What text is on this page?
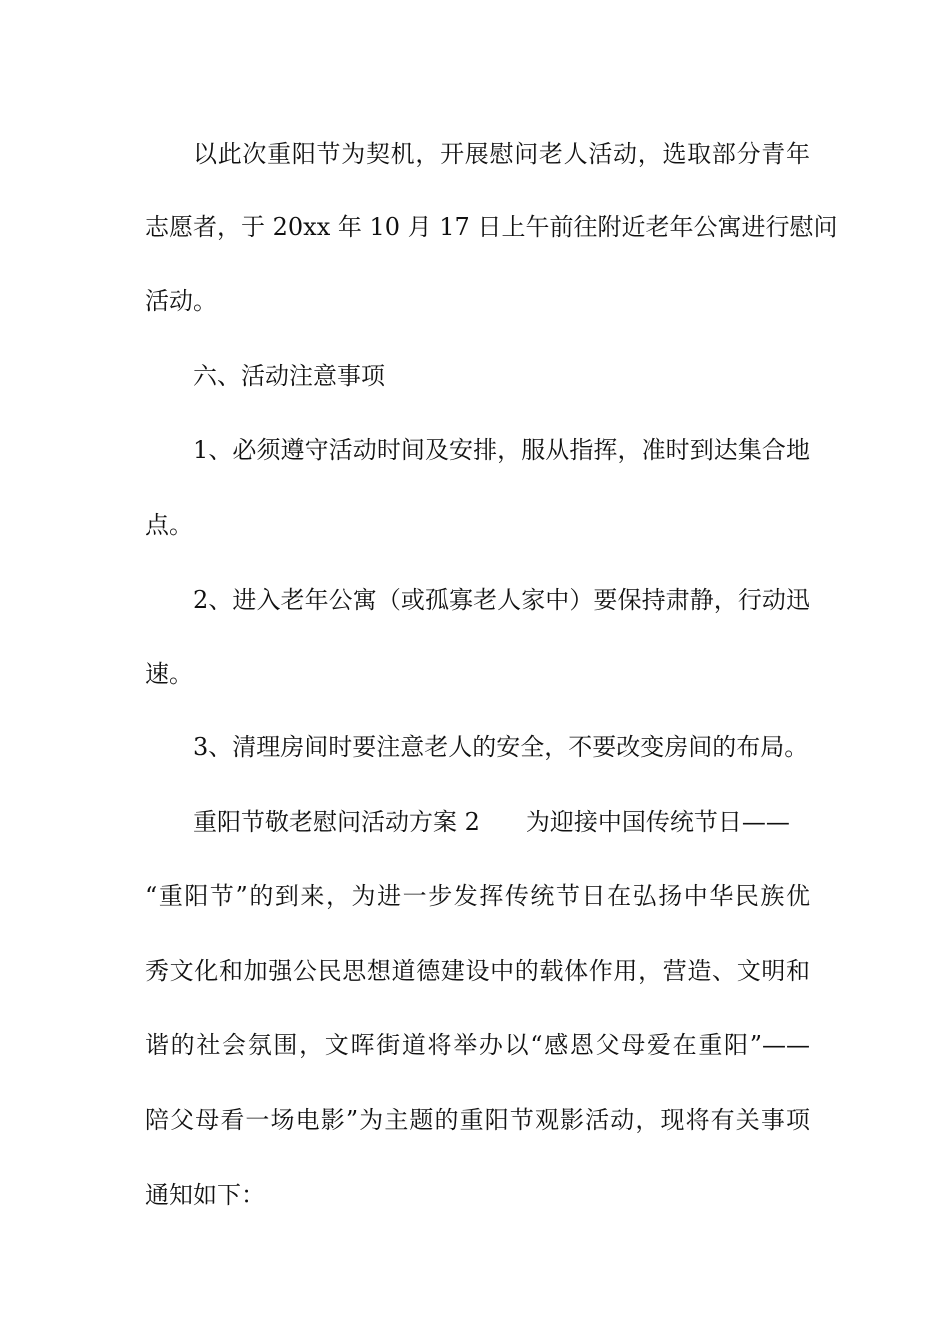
以此次重阳节为契机，开展慰问老人活动，选取部分青年
志愿者，于 20xx 年 10 月 17 日上午前往附近老年公寓进行慰问
活动。
六、活动注意事项
1、必须遵守活动时间及安排，服从指挥，准时到达集合地
点。
2、进入老年公寓（或孤寡老人家中）要保持肃静，行动迅
速。
3、清理房间时要注意老人的安全，不要改变房间的布局。
重阳节敬老慰问活动方案 2 为迎接中国传统节日——
“重阳节”的到来，为进一步发挥传统节日在弘扬中华民族优
秀文化和加强公民思想道德建设中的载体作用，营造、文明和
谐的社会氛围，文晖街道将举办以“感恩父母爱在重阳”——
陪父母看一场电影”为主题的重阳节观影活动，现将有关事项
通知如下：
